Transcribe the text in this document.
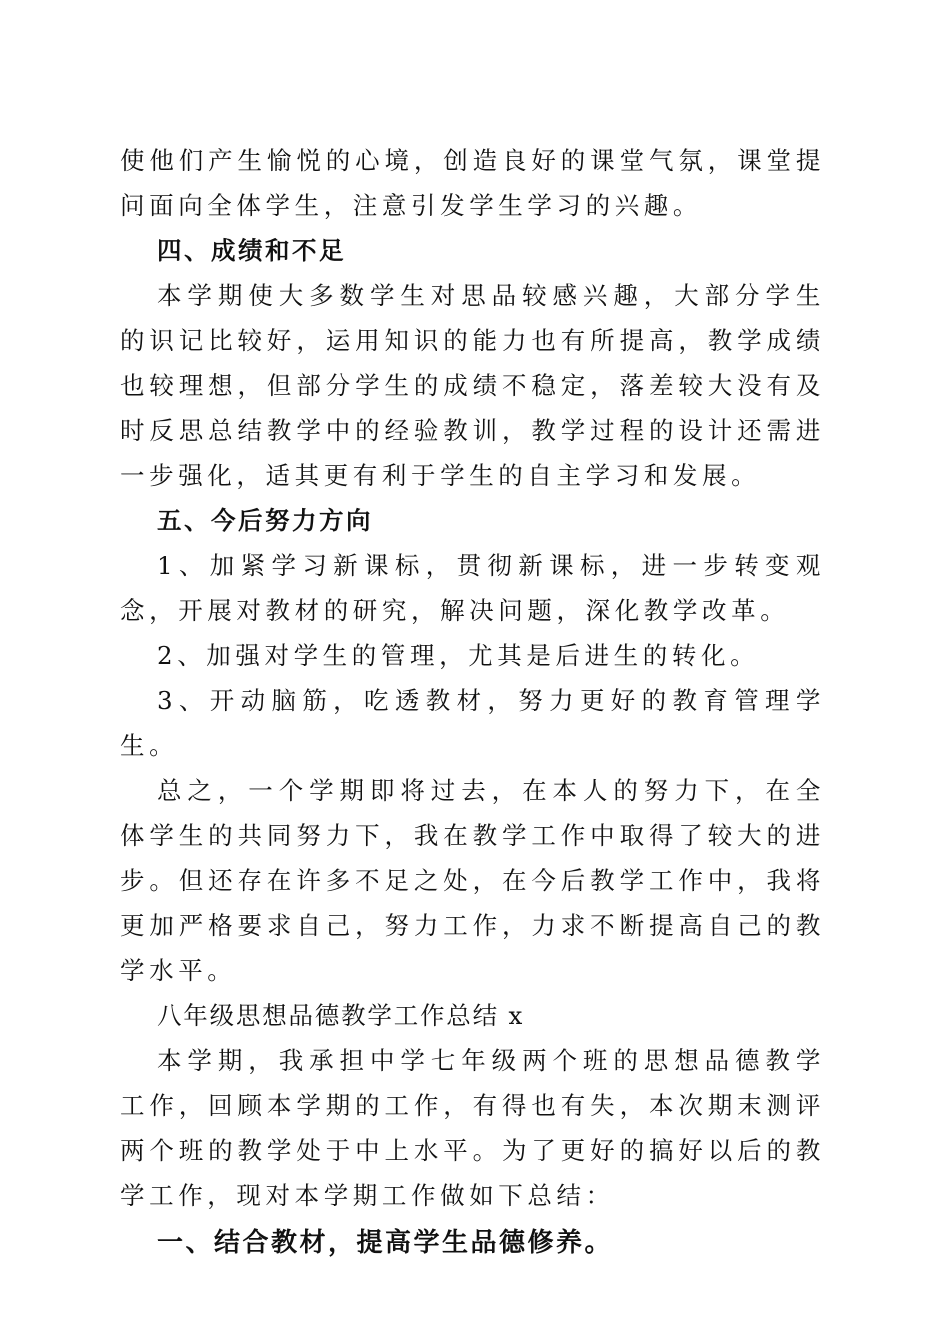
使他们产生愉悦的心境，创造良好的课堂气氛，课堂提问面向全体学生，注意引发学生学习的兴趣。

四、成绩和不足

本学期使大多数学生对思品较感兴趣，大部分学生的识记比较好，运用知识的能力也有所提高，教学成绩也较理想，但部分学生的成绩不稳定，落差较大没有及时反思总结教学中的经验教训，教学过程的设计还需进一步强化，适其更有利于学生的自主学习和发展。

五、今后努力方向

1、加紧学习新课标，贯彻新课标，进一步转变观念，开展对教材的研究，解决问题，深化教学改革。

2、加强对学生的管理，尤其是后进生的转化。

3、开动脑筋，吃透教材，努力更好的教育管理学生。

总之，一个学期即将过去，在本人的努力下，在全体学生的共同努力下，我在教学工作中取得了较大的进步。但还存在许多不足之处，在今后教学工作中，我将更加严格要求自己，努力工作，力求不断提高自己的教学水平。

八年级思想品德教学工作总结 x

本学期，我承担中学七年级两个班的思想品德教学工作，回顾本学期的工作，有得也有失，本次期末测评两个班的教学处于中上水平。为了更好的搞好以后的教学工作，现对本学期工作做如下总结：

一、结合教材，提高学生品德修养。
